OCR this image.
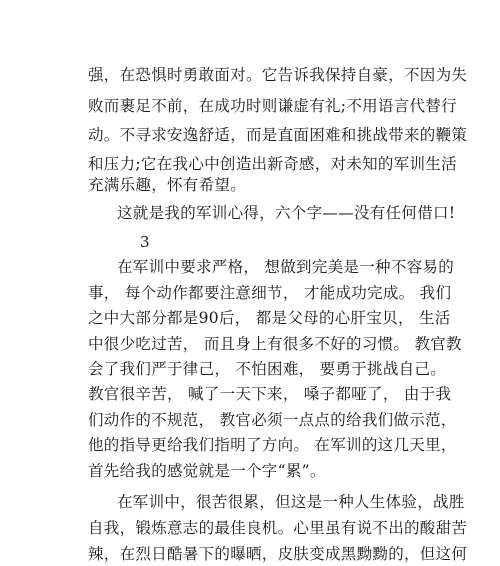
强，在恐惧时勇敢面对。它告诉我保持自豪，不因为失
败而裹足不前，在成功时则谦虚有礼;不用语言代替行
动。不寻求安逸舒适，而是直面困难和挑战带来的鞭策
和压力;它在我心中创造出新奇感，对未知的军训生活
充满乐趣，怀有希望。
这就是我的军训心得，六个字——没有任何借口!
3
在军训中要求严格， 想做到完美是一种不容易的
事， 每个动作都要注意细节， 才能成功完成。 我们
之中大部分都是90后， 都是父母的心肝宝贝， 生活
中很少吃过苦， 而且身上有很多不好的习惯。 教官教
会了我们严于律己， 不怕困难， 要勇于挑战自己。
教官很辛苦， 喊了一天下来， 嗓子都哑了， 由于我
们动作的不规范， 教官必须一点点的给我们做示范，
他的指导更给我们指明了方向。 在军训的这几天里，
首先给我的感觉就是一个字“累”。
在军训中，很苦很累，但这是一种人生体验，战胜
自我，锻炼意志的最佳良机。心里虽有说不出的酸甜苦
辣，在烈日酷暑下的曝晒，皮肤变成黑黝黝的，但这何
